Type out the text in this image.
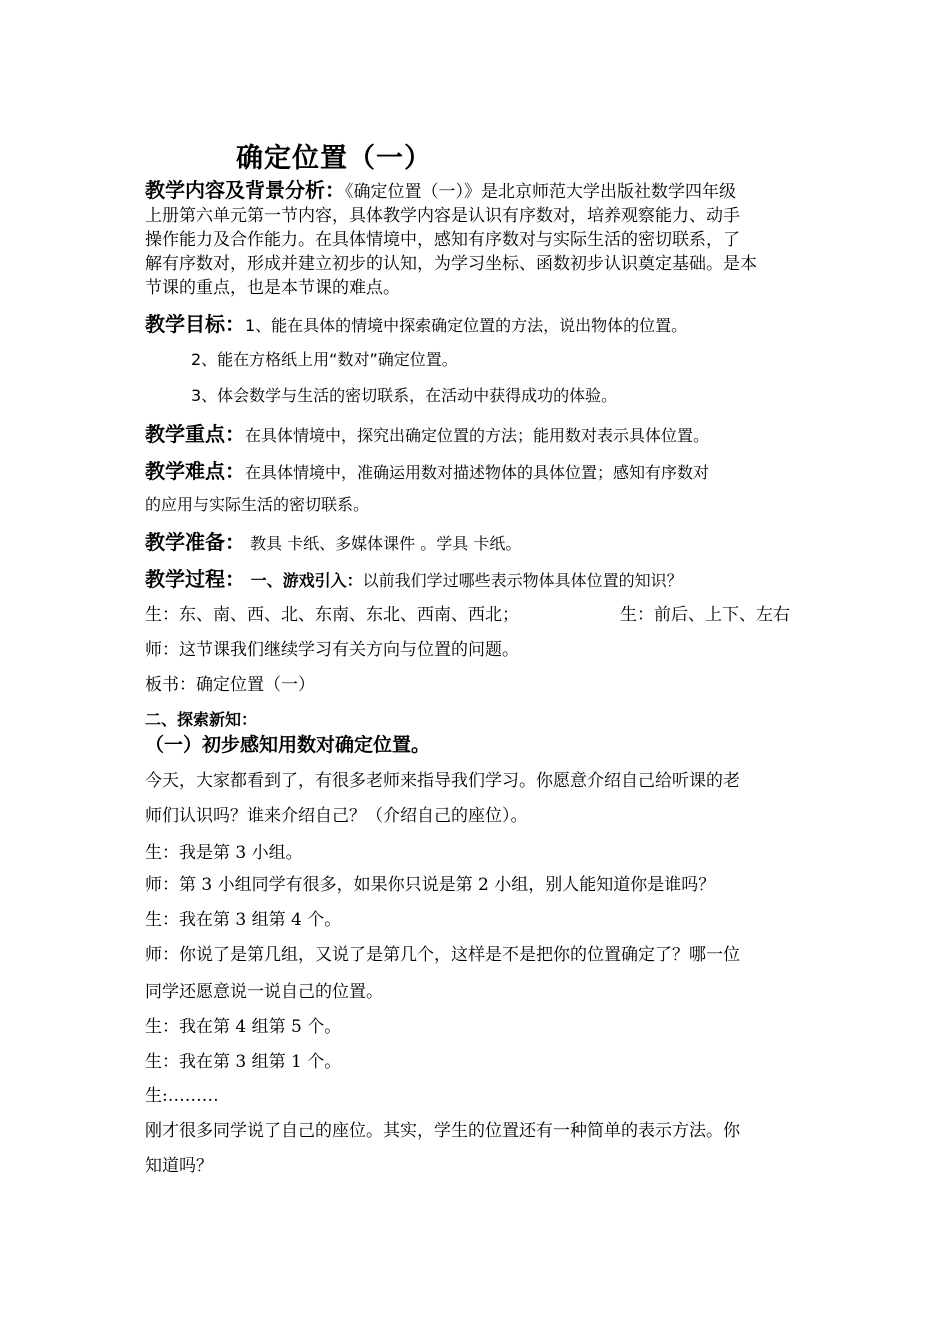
确定位置（一）
教学内容及背景分析：《确定位置（一）》是北京师范大学出版社数学四年级
上册第六单元第一节内容，具体教学内容是认识有序数对，培养观察能力、动手
操作能力及合作能力。在具体情境中，感知有序数对与实际生活的密切联系，了
解有序数对，形成并建立初步的认知，为学习坐标、函数初步认识奠定基础。是本
节课的重点，也是本节课的难点。
教学目标：1、能在具体的情境中探索确定位置的方法，说出物体的位置。
2、能在方格纸上用“数对”确定位置。
3、体会数学与生活的密切联系，在活动中获得成功的体验。
教学重点：在具体情境中，探究出确定位置的方法；能用数对表示具体位置。
教学难点：在具体情境中，准确运用数对描述物体的具体位置；感知有序数对
的应用与实际生活的密切联系。
教学准备： 教具 卡纸、多媒体课件 。学具 卡纸。
教学过程： 一、游戏引入：以前我们学过哪些表示物体具体位置的知识？
生：东、南、西、北、东南、东北、西南、西北；	生：前后、上下、左右
师：这节课我们继续学习有关方向与位置的问题。
板书：确定位置（一）
二、探索新知：
（一）初步感知用数对确定位置。
今天，大家都看到了，有很多老师来指导我们学习。你愿意介绍自己给听课的老
师们认识吗？谁来介绍自己？（介绍自己的座位）。
生：我是第 3 小组。
师：第 3 小组同学有很多，如果你只说是第 2 小组，别人能知道你是谁吗？
生：我在第 3 组第 4 个。
师：你说了是第几组，又说了是第几个，这样是不是把你的位置确定了？哪一位
同学还愿意说一说自己的位置。
生：我在第 4 组第 5 个。
生：我在第 3 组第 1 个。
生:………
刚才很多同学说了自己的座位。其实，学生的位置还有一种简单的表示方法。你
知道吗？
